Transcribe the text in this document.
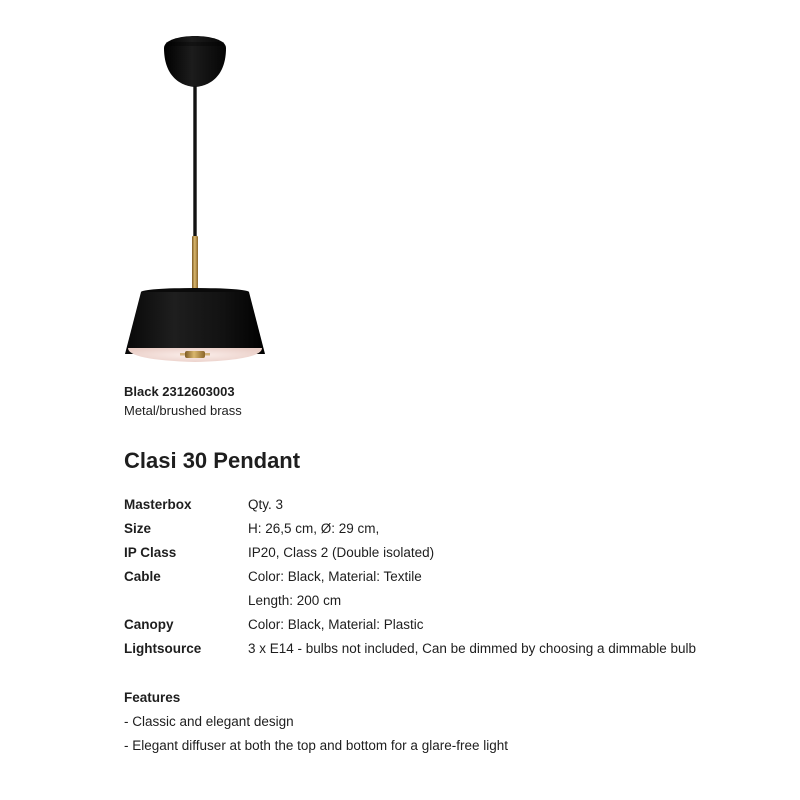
Black 2312603003
Metal/brushed brass
Clasi 30 Pendant
Masterbox	Qty. 3
Size	H: 26,5 cm, Ø: 29 cm,
IP Class	IP20, Class 2 (Double isolated)
Cable	Color: Black, Material: Textile
Length: 200 cm
Canopy	Color: Black, Material: Plastic
Lightsource	3 x E14 - bulbs not included, Can be dimmed by choosing a dimmable bulb
Features
- Classic and elegant design
- Elegant diffuser at both the top and bottom for a glare-free light
